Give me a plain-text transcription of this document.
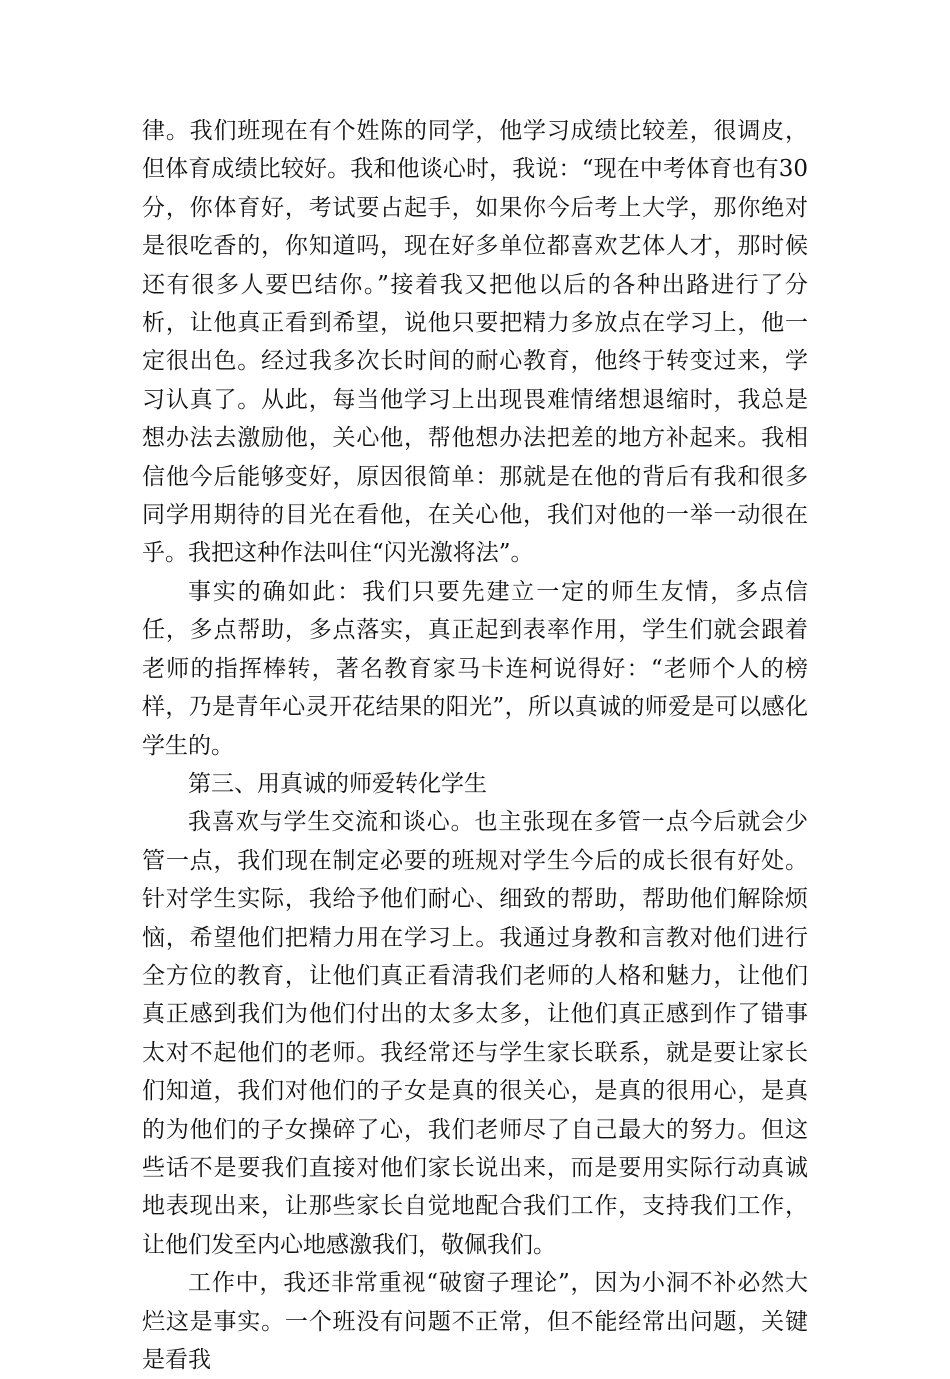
律。我们班现在有个姓陈的同学，他学习成绩比较差，很调皮，但体育成绩比较好。我和他谈心时，我说：“现在中考体育也有30分，你体育好，考试要占起手，如果你今后考上大学，那你绝对是很吃香的，你知道吗，现在好多单位都喜欢艺体人才，那时候还有很多人要巴结你。”接着我又把他以后的各种出路进行了分析，让他真正看到希望，说他只要把精力多放点在学习上，他一定很出色。经过我多次长时间的耐心教育，他终于转变过来，学习认真了。从此，每当他学习上出现畏难情绪想退缩时，我总是想办法去激励他，关心他，帮他想办法把差的地方补起来。我相信他今后能够变好，原因很简单：那就是在他的背后有我和很多同学用期待的目光在看他，在关心他，我们对他的一举一动很在乎。我把这种作法叫住“闪光激将法”。

事实的确如此：我们只要先建立一定的师生友情，多点信任，多点帮助，多点落实，真正起到表率作用，学生们就会跟着老师的指挥棒转，著名教育家马卡连柯说得好：“老师个人的榜样，乃是青年心灵开花结果的阳光”，所以真诚的师爱是可以感化学生的。

第三、用真诚的师爱转化学生

我喜欢与学生交流和谈心。也主张现在多管一点今后就会少管一点，我们现在制定必要的班规对学生今后的成长很有好处。针对学生实际，我给予他们耐心、细致的帮助，帮助他们解除烦恼，希望他们把精力用在学习上。我通过身教和言教对他们进行全方位的教育，让他们真正看清我们老师的人格和魅力，让他们真正感到我们为他们付出的太多太多，让他们真正感到作了错事太对不起他们的老师。我经常还与学生家长联系，就是要让家长们知道，我们对他们的子女是真的很关心，是真的很用心，是真的为他们的子女操碎了心，我们老师尽了自己最大的努力。但这些话不是要我们直接对他们家长说出来，而是要用实际行动真诚地表现出来，让那些家长自觉地配合我们工作，支持我们工作，让他们发至内心地感激我们，敬佩我们。

工作中，我还非常重视“破窗子理论”，因为小洞不补必然大烂这是事实。一个班没有问题不正常，但不能经常出问题，关键是看我
